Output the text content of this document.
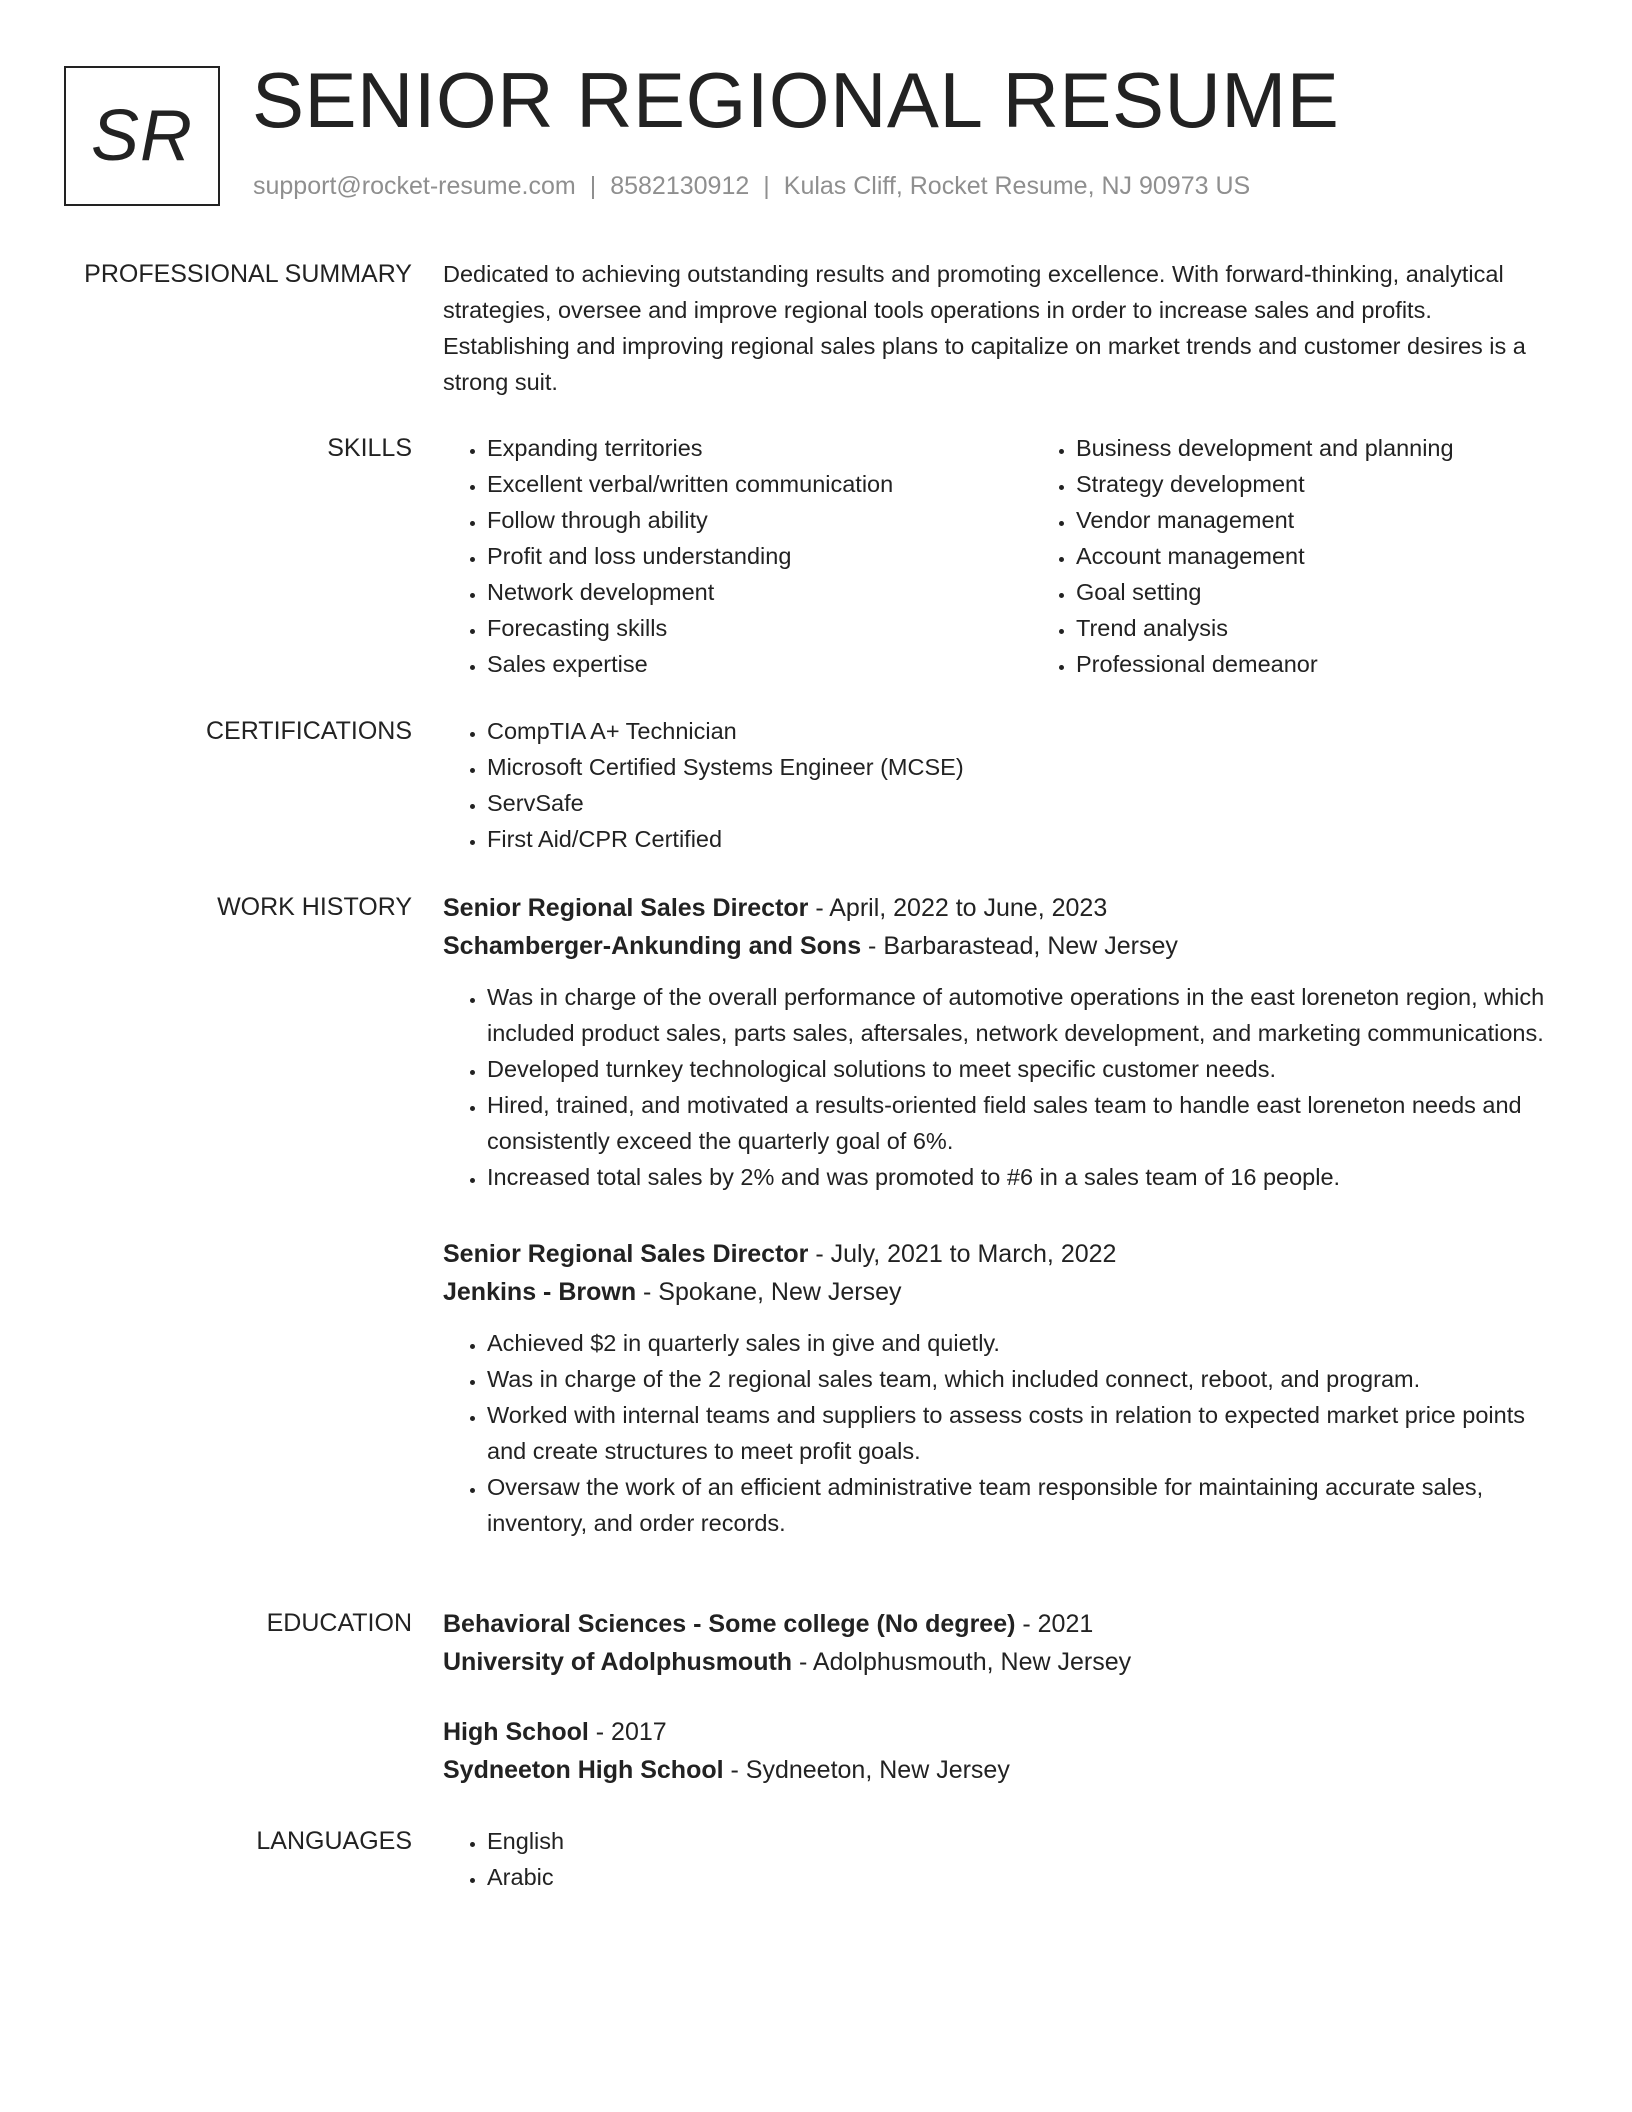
SR SENIOR REGIONAL RESUME
support@rocket-resume.com | 8582130912 | Kulas Cliff, Rocket Resume, NJ 90973 US
PROFESSIONAL SUMMARY Dedicated to achieving outstanding results and promoting excellence. With forward-thinking, analytical strategies, oversee and improve regional tools operations in order to increase sales and profits. Establishing and improving regional sales plans to capitalize on market trends and customer desires is a strong suit.
SKILLS	• Expanding territories
• Excellent verbal/written communication
• Follow through ability
• Profit and loss understanding
• Network development
• Forecasting skills
• Sales expertise
• Business development and planning
• Strategy development
• Vendor management
• Account management
• Goal setting
• Trend analysis
• Professional demeanor
CERTIFICATIONS	• CompTIA A+ Technician
• Microsoft Certified Systems Engineer (MCSE)
• ServSafe
• First Aid/CPR Certified
WORK HISTORY Senior Regional Sales Director - April, 2022 to June, 2023
Schamberger-Ankunding and Sons - Barbarastead, New Jersey
• Was in charge of the overall performance of automotive operations in the east loreneton region, which included product sales, parts sales, aftersales, network development, and marketing communications.
• Developed turnkey technological solutions to meet specific customer needs.
• Hired, trained, and motivated a results-oriented field sales team to handle east loreneton needs and consistently exceed the quarterly goal of 6%.
• Increased total sales by 2% and was promoted to #6 in a sales team of 16 people.
Senior Regional Sales Director - July, 2021 to March, 2022
Jenkins - Brown - Spokane, New Jersey
• Achieved $2 in quarterly sales in give and quietly.
• Was in charge of the 2 regional sales team, which included connect, reboot, and program.
• Worked with internal teams and suppliers to assess costs in relation to expected market price points and create structures to meet profit goals.
• Oversaw the work of an efficient administrative team responsible for maintaining accurate sales, inventory, and order records.
EDUCATION Behavioral Sciences - Some college (No degree) - 2021
University of Adolphusmouth - Adolphusmouth, New Jersey
High School - 2017
Sydneeton High School - Sydneeton, New Jersey
LANGUAGES	• English
• Arabic
